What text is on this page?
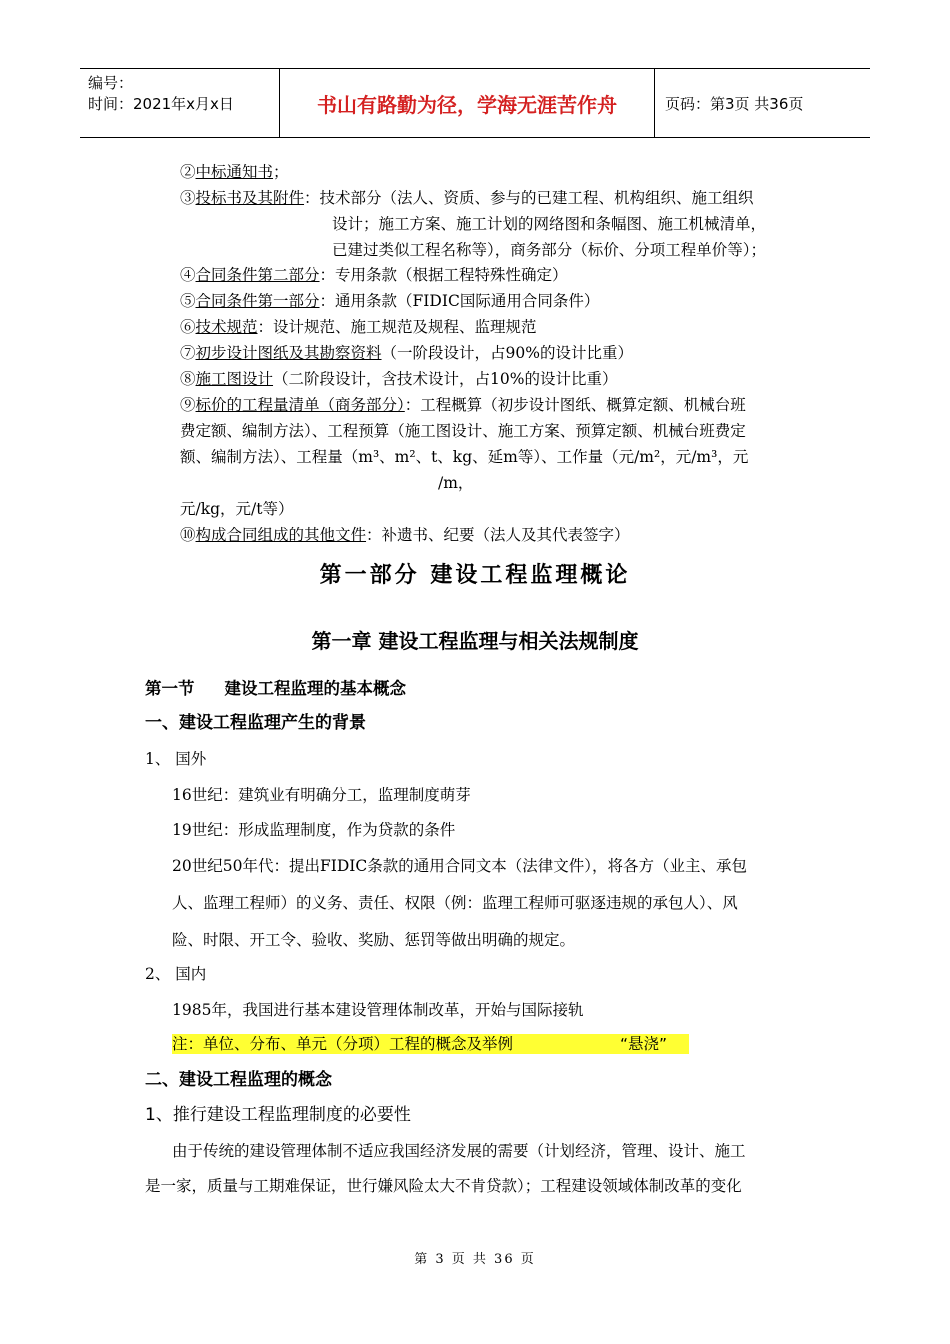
编号：
时间：2021年x月x日	书山有路勤为径，学海无涯苦作舟	页码：第3页 共36页
②中标通知书；
③投标书及其附件：技术部分（法人、资质、参与的已建工程、机构组织、施工组织
设计；施工方案、施工计划的网络图和条幅图、施工机械清单，
已建过类似工程名称等），商务部分（标价、分项工程单价等）；
④合同条件第二部分：专用条款（根据工程特殊性确定）
⑤合同条件第一部分：通用条款（FIDIC国际通用合同条件）
⑥技术规范：设计规范、施工规范及规程、监理规范
⑦初步设计图纸及其勘察资料（一阶段设计，占90%的设计比重）
⑧施工图设计（二阶段设计，含技术设计，占10%的设计比重）
⑨标价的工程量清单（商务部分）：工程概算（初步设计图纸、概算定额、机械台班
费定额、编制方法）、工程预算（施工图设计、施工方案、预算定额、机械台班费定
额、编制方法）、工程量（m³、m²、t、kg、延m等）、工作量（元/m²，元/m³，元
/m，
元/kg，元/t等）
⑩构成合同组成的其他文件：补遗书、纪要（法人及其代表签字）
第一部分 建设工程监理概论
第一章 建设工程监理与相关法规制度
第一节 建设工程监理的基本概念
一、建设工程监理产生的背景
1、 国外
16世纪：建筑业有明确分工，监理制度萌芽
19世纪：形成监理制度，作为贷款的条件
20世纪50年代：提出FIDIC条款的通用合同文本（法律文件），将各方（业主、承包
人、监理工程师）的义务、责任、权限（例：监理工程师可驱逐违规的承包人）、风
险、时限、开工令、验收、奖励、惩罚等做出明确的规定。
2、 国内
1985年，我国进行基本建设管理体制改革，开始与国际接轨
注：单位、分布、单元（分项）工程的概念及举例	“悬浇”
二、建设工程监理的概念
1、推行建设工程监理制度的必要性
由于传统的建设管理体制不适应我国经济发展的需要（计划经济，管理、设计、施工
是一家，质量与工期难保证，世行嫌风险太大不肯贷款）；工程建设领域体制改革的变化
第 3 页 共 36 页
